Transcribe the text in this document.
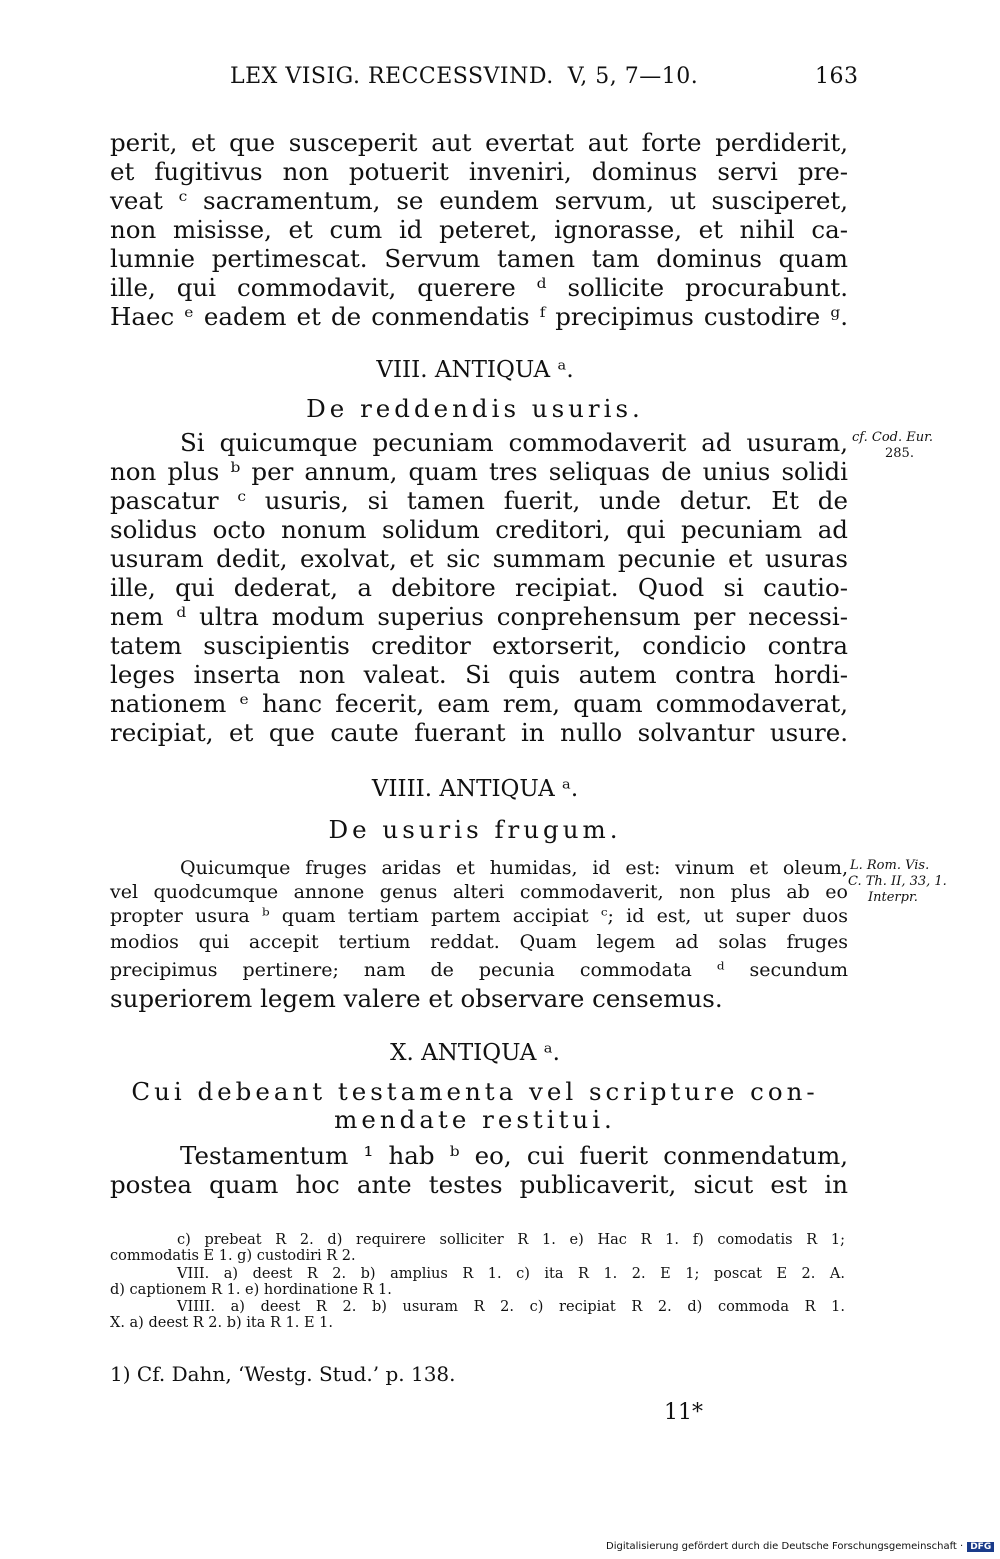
LEX VISIG. RECCESSVIND. V, 5, 7—10.	163
perit, et que susceperit aut evertat aut forte perdiderit,
et fugitivus non potuerit inveniri, dominus servi pre-
veat ᶜ sacramentum, se eundem servum, ut susciperet,
non misisse, et cum id peteret, ignorasse, et nihil ca-
lumnie pertimescat. Servum tamen tam dominus quam
ille, qui commodavit, querere ᵈ sollicite procurabunt.
Haec ᵉ eadem et de conmendatis ᶠ precipimus custodire ᵍ.
VIII. ANTIQUA ᵃ.
De reddendis usuris.
Si quicumque pecuniam commodaverit ad usuram, cf. Cod. Eur.
285.
non plus ᵇ per annum, quam tres seliquas de unius solidi
pascatur ᶜ usuris, si tamen fuerit, unde detur. Et de
solidus octo nonum solidum creditori, qui pecuniam ad
usuram dedit, exolvat, et sic summam pecunie et usuras
ille, qui dederat, a debitore recipiat. Quod si cautio-
nem ᵈ ultra modum superius conprehensum per necessi-
tatem suscipientis creditor extorserit, condicio contra
leges inserta non valeat. Si quis autem contra hordi-
nationem ᵉ hanc fecerit, eam rem, quam commodaverat,
recipiat, et que caute fuerant in nullo solvantur usure.
VIIII. ANTIQUA ᵃ.
De usuris frugum.
Quicumque fruges aridas et humidas, id est: vinum et oleum, L. Rom. Vis.
C. Th. II, 33, 1.
Interpr.
vel quodcumque annone genus alteri commodaverit, non plus ab eo
propter usura ᵇ quam tertiam partem accipiat ᶜ; id est, ut super duos
modios qui accepit tertium reddat. Quam legem ad solas fruges
precipimus pertinere; nam de pecunia commodata ᵈ secundum
superiorem legem valere et observare censemus.
X. ANTIQUA ᵃ.
Cui debeant testamenta vel scripture con-
mendate restitui.
Testamentum ¹ hab ᵇ eo, cui fuerit conmendatum,
postea quam hoc ante testes publicaverit, sicut est in
c) prebeat R 2. d) requirere solliciter R 1. e) Hac R 1. f) comodatis R 1;
commodatis E 1. g) custodiri R 2.
VIII. a) deest R 2. b) amplius R 1. c) ita R 1. 2. E 1; poscat E 2. A.
d) captionem R 1. e) hordinatione R 1.
VIIII. a) deest R 2. b) usuram R 2. c) recipiat R 2. d) commoda R 1.
X. a) deest R 2. b) ita R 1. E 1.
1) Cf. Dahn, ‘Westg. Stud.’ p. 138.
11*
Digitalisierung gefördert durch die Deutsche Forschungsgemeinschaft · DFG
